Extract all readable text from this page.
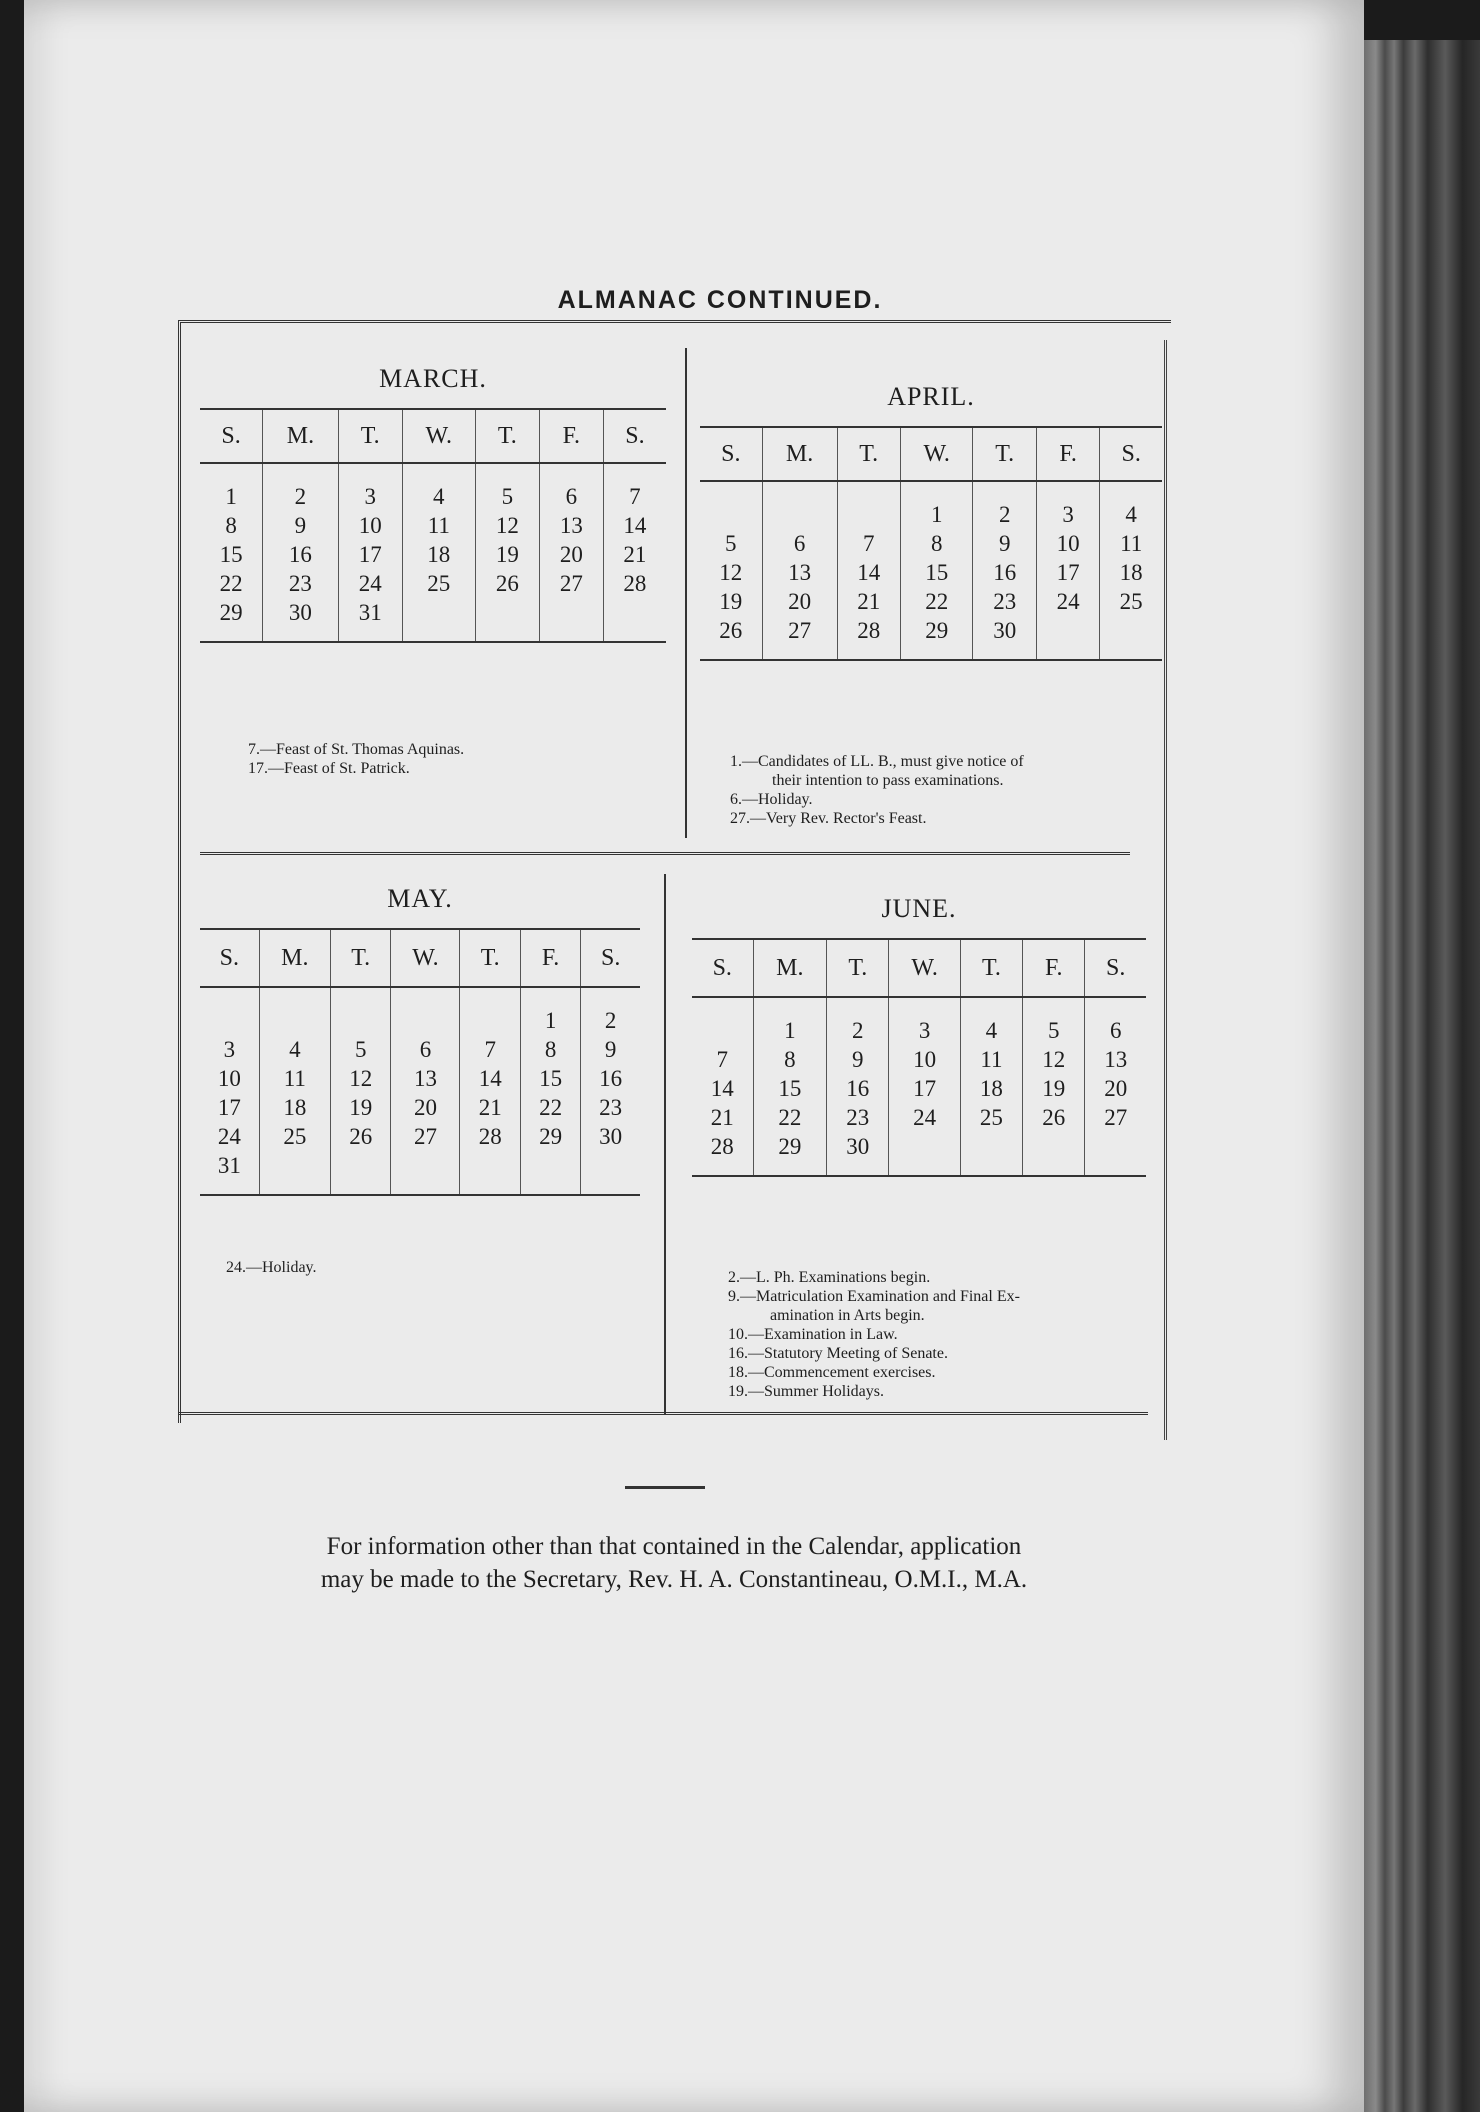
ALMANAC CONTINUED.
MARCH.
S.	M.	T.	W.	T.	F.	S.

1	2	3	4	5	6	7
8	9	10	11	12	13	14
15	16	17	18	19	20	21
22	23	24	25	26	27	28
29	30	31				

7.—Feast of St. Thomas Aquinas.
17.—Feast of St. Patrick.
APRIL.
S.	M.	T.	W.	T.	F.	S.

			1	2	3	4
5	6	7	8	9	10	11
12	13	14	15	16	17	18
19	20	21	22	23	24	25
26	27	28	29	30		

1.—Candidates of LL. B., must give notice of
their intention to pass examinations.
6.—Holiday.
27.—Very Rev. Rector's Feast.
MAY.
S.	M.	T.	W.	T.	F.	S.

					1	2
3	4	5	6	7	8	9
10	11	12	13	14	15	16
17	18	19	20	21	22	23
24	25	26	27	28	29	30
31						

24.—Holiday.
JUNE.
S.	M.	T.	W.	T.	F.	S.

	1	2	3	4	5	6
7	8	9	10	11	12	13
14	15	16	17	18	19	20
21	22	23	24	25	26	27
28	29	30				

2.—L. Ph. Examinations begin.
9.—Matriculation Examination and Final Ex-
amination in Arts begin.
10.—Examination in Law.
16.—Statutory Meeting of Senate.
18.—Commencement exercises.
19.—Summer Holidays.
For information other than that contained in the Calendar, application
may be made to the Secretary, Rev. H. A. Constantineau, O.M.I., M.A.
